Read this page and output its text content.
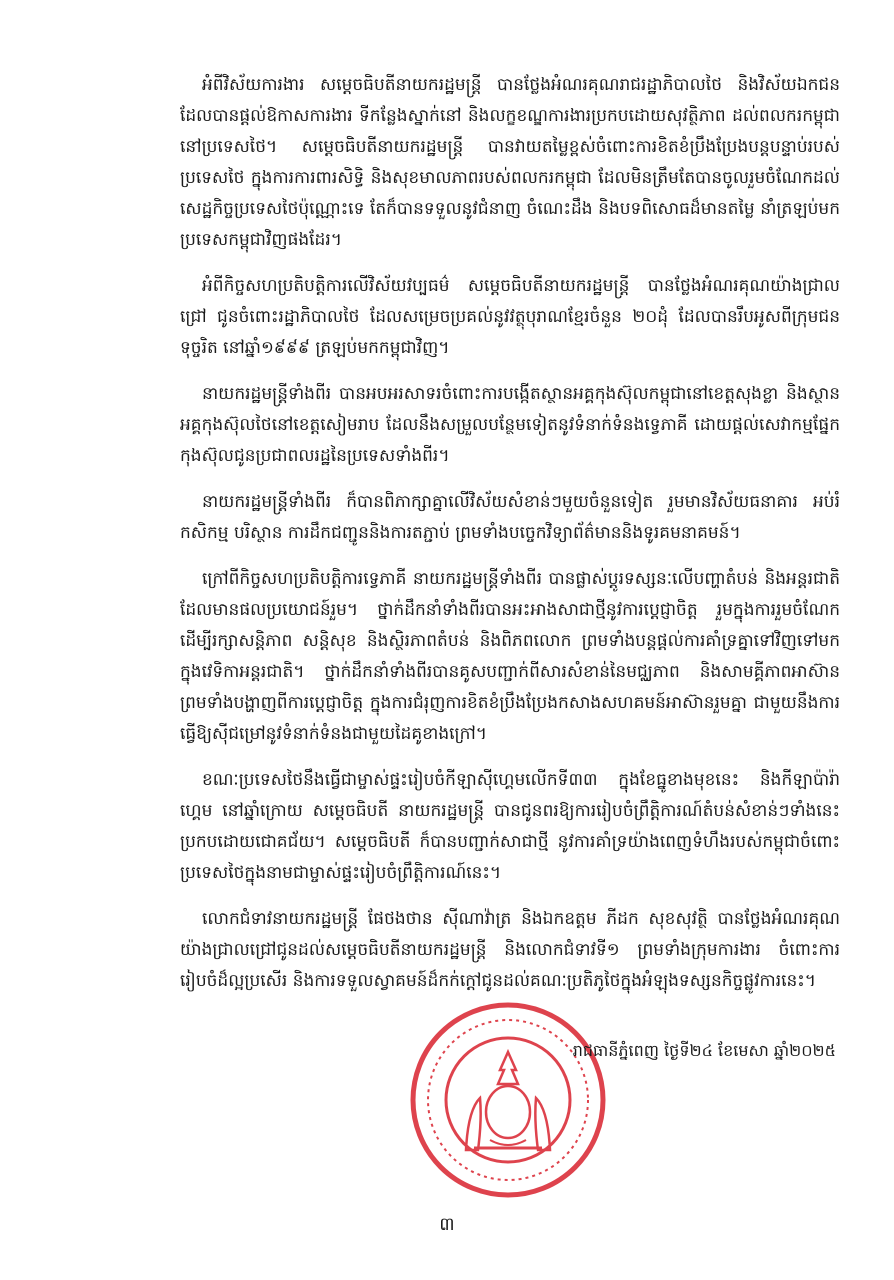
អំពីវិស័យការងារ សម្តេចធិបតីនាយករដ្ឋមន្ត្រី បានថ្លែងអំណរគុណរាជរដ្ឋាភិបាលថៃ និងវិស័យឯកជន ដែលបានផ្តល់ឱកាសការងារ ទីកន្លែងស្នាក់នៅ និងលក្ខខណ្ឌការងារប្រកបដោយសុវត្ថិភាព ដល់ពលករកម្ពុជានៅប្រទេសថៃ។ សម្តេចធិបតីនាយករដ្ឋមន្ត្រី បានវាយតម្លៃខ្ពស់ចំពោះការខិតខំប្រឹងប្រែងបន្តបន្ទាប់របស់ប្រទេសថៃ ក្នុងការការពារសិទ្ធិ និងសុខមាលភាពរបស់ពលករកម្ពុជា ដែលមិនត្រឹមតែបានចូលរួមចំណែកដល់សេដ្ឋកិច្ចប្រទេសថៃប៉ុណ្ណោះទេ តែក៏បានទទួលនូវជំនាញ ចំណេះដឹង និងបទពិសោធដ៏មានតម្លៃ នាំត្រឡប់មកប្រទេសកម្ពុជាវិញផងដែរ។

អំពីកិច្ចសហប្រតិបត្តិការលើវិស័យវប្បធម៌ សម្តេចធិបតីនាយករដ្ឋមន្ត្រី បានថ្លែងអំណរគុណយ៉ាងជ្រាលជ្រៅ ជូនចំពោះរដ្ឋាភិបាលថៃ ដែលសម្រេចប្រគល់នូវវត្ថុបុរាណខ្មែរចំនួន ២០ដុំ ដែលបានរឹបអូសពីក្រុមជនទុច្ចរិត នៅឆ្នាំ១៩៩៩ ត្រឡប់មកកម្ពុជាវិញ។

នាយករដ្ឋមន្ត្រីទាំងពីរ បានអបអរសាទរចំពោះការបង្កើតស្ថានអគ្គកុងស៊ុលកម្ពុជានៅខេត្តសុងខ្លា និងស្ថានអគ្គកុងស៊ុលថៃនៅខេត្តសៀមរាប ដែលនឹងសម្រួលបន្ថែមទៀតនូវទំនាក់ទំនងទ្វេភាគី ដោយផ្តល់សេវាកម្មផ្នែកកុងស៊ុលជូនប្រជាពលរដ្ឋនៃប្រទេសទាំងពីរ។

នាយករដ្ឋមន្ត្រីទាំងពីរ ក៏បានពិភាក្សាគ្នាលើវិស័យសំខាន់ៗមួយចំនួនទៀត រួមមានវិស័យធនាគារ អប់រំ កសិកម្ម បរិស្ថាន ការដឹកជញ្ជូននិងការតភ្ជាប់ ព្រមទាំងបច្ចេកវិទ្យាព័ត៌មាននិងទូរគមនាគមន៍។

ក្រៅពីកិច្ចសហប្រតិបត្តិការទ្វេភាគី នាយករដ្ឋមន្ត្រីទាំងពីរ បានផ្លាស់ប្តូរទស្សនៈលើបញ្ហាតំបន់ និងអន្តរជាតិ ដែលមានផលប្រយោជន៍រួម។ ថ្នាក់ដឹកនាំទាំងពីរបានអះអាងសាជាថ្មីនូវការប្តេជ្ញាចិត្ត រួមក្នុងការរួមចំណែក ដើម្បីរក្សាសន្តិភាព សន្តិសុខ និងស្ថិរភាពតំបន់ និងពិភពលោក ព្រមទាំងបន្តផ្តល់ការគាំទ្រគ្នាទៅវិញទៅមកក្នុងវេទិកាអន្តរជាតិ។ ថ្នាក់ដឹកនាំទាំងពីរបានគូសបញ្ជាក់ពីសារសំខាន់នៃមជ្ឈភាព និងសាមគ្គីភាពអាស៊ាន ព្រមទាំងបង្ហាញពីការប្តេជ្ញាចិត្ត ក្នុងការជំរុញការខិតខំប្រឹងប្រែងកសាងសហគមន៍អាស៊ានរួមគ្នា ជាមួយនឹងការធ្វើឱ្យស៊ីជម្រៅនូវទំនាក់ទំនងជាមួយដៃគូខាងក្រៅ។

ខណៈប្រទេសថៃនឹងធ្វើជាម្ចាស់ផ្ទះរៀបចំកីឡាស៊ីហ្គេមលើកទី៣៣ ក្នុងខែធ្នូខាងមុខនេះ និងកីឡាប៉ារ៉ាហ្គេម នៅឆ្នាំក្រោយ សម្តេចធិបតី នាយករដ្ឋមន្ត្រី បានជូនពរឱ្យការរៀបចំព្រឹត្តិការណ៍តំបន់សំខាន់ៗទាំងនេះប្រកបដោយជោគជ័យ។ សម្តេចធិបតី ក៏បានបញ្ជាក់សាជាថ្មី នូវការគាំទ្រយ៉ាងពេញទំហឹងរបស់កម្ពុជាចំពោះប្រទេសថៃក្នុងនាមជាម្ចាស់ផ្ទះរៀបចំព្រឹត្តិការណ៍នេះ។

លោកជំទាវនាយករដ្ឋមន្ត្រី ផែថងថាន ស៊ីណាវ៉ាត្រ និងឯកឧត្តម ភីដក សុខសុវត្ថិ បានថ្លែងអំណរគុណយ៉ាងជ្រាលជ្រៅជូនដល់សម្តេចធិបតីនាយករដ្ឋមន្ត្រី និងលោកជំទាវទី១ ព្រមទាំងក្រុមការងារ ចំពោះការរៀបចំដ៏ល្អប្រសើរ និងការទទួលស្វាគមន៍ដ៏កក់ក្តៅជូនដល់គណៈប្រតិភូថៃក្នុងអំឡុងទស្សនកិច្ចផ្លូវការនេះ។

រាជធានីភ្នំពេញ ថ្ងៃទី២៤ ខែមេសា ឆ្នាំ២០២៥
៣
